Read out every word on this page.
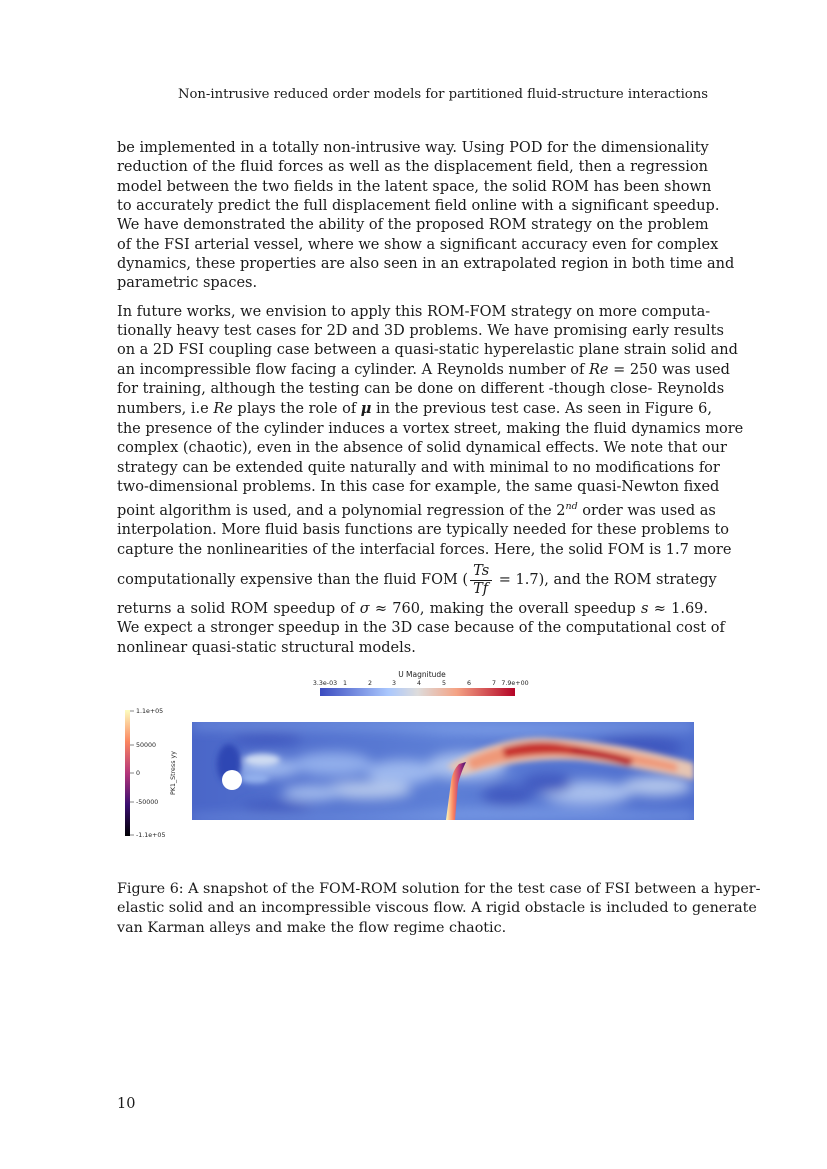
Non-intrusive reduced order models for partitioned fluid-structure interactions

be implemented in a totally non-intrusive way. Using POD for the dimensionality
reduction of the fluid forces as well as the displacement field, then a regression
model between the two fields in the latent space, the solid ROM has been shown
to accurately predict the full displacement field online with a significant speedup.
We have demonstrated the ability of the proposed ROM strategy on the problem
of the FSI arterial vessel, where we show a significant accuracy even for complex
dynamics, these properties are also seen in an extrapolated region in both time and
parametric spaces.

In future works, we envision to apply this ROM-FOM strategy on more computa-
tionally heavy test cases for 2D and 3D problems. We have promising early results
on a 2D FSI coupling case between a quasi-static hyperelastic plane strain solid and
an incompressible flow facing a cylinder. A Reynolds number of Re = 250 was used
for training, although the testing can be done on different -though close- Reynolds
numbers, i.e Re plays the role of μ in the previous test case. As seen in Figure 6,
the presence of the cylinder induces a vortex street, making the fluid dynamics more
complex (chaotic), even in the absence of solid dynamical effects. We note that our
strategy can be extended quite naturally and with minimal to no modifications for
two-dimensional problems. In this case for example, the same quasi-Newton fixed
point algorithm is used, and a polynomial regression of the 2nd order was used as
interpolation. More fluid basis functions are typically needed for these problems to
capture the nonlinearities of the interfacial forces. Here, the solid FOM is 1.7 more
computationally expensive than the fluid FOM ( $\frac{Ts}{Tf} = 1.7$), and the ROM strategy
returns a solid ROM speedup of σ ≈ 760, making the overall speedup s ≈ 1.69.
We expect a stronger speedup in the 3D case because of the computational cost of
nonlinear quasi-static structural models.

U Magnitude
3.3e-03 1	2	3	4	5	6	7 7.9e+00
1.1e+05
50000
0
-50000
-1.1e+05
PK1_Stress yy
Figure 6: A snapshot of the FOM-ROM solution for the test case of FSI between a hyper-
elastic solid and an incompressible viscous flow. A rigid obstacle is included to generate
van Karman alleys and make the flow regime chaotic.
10
